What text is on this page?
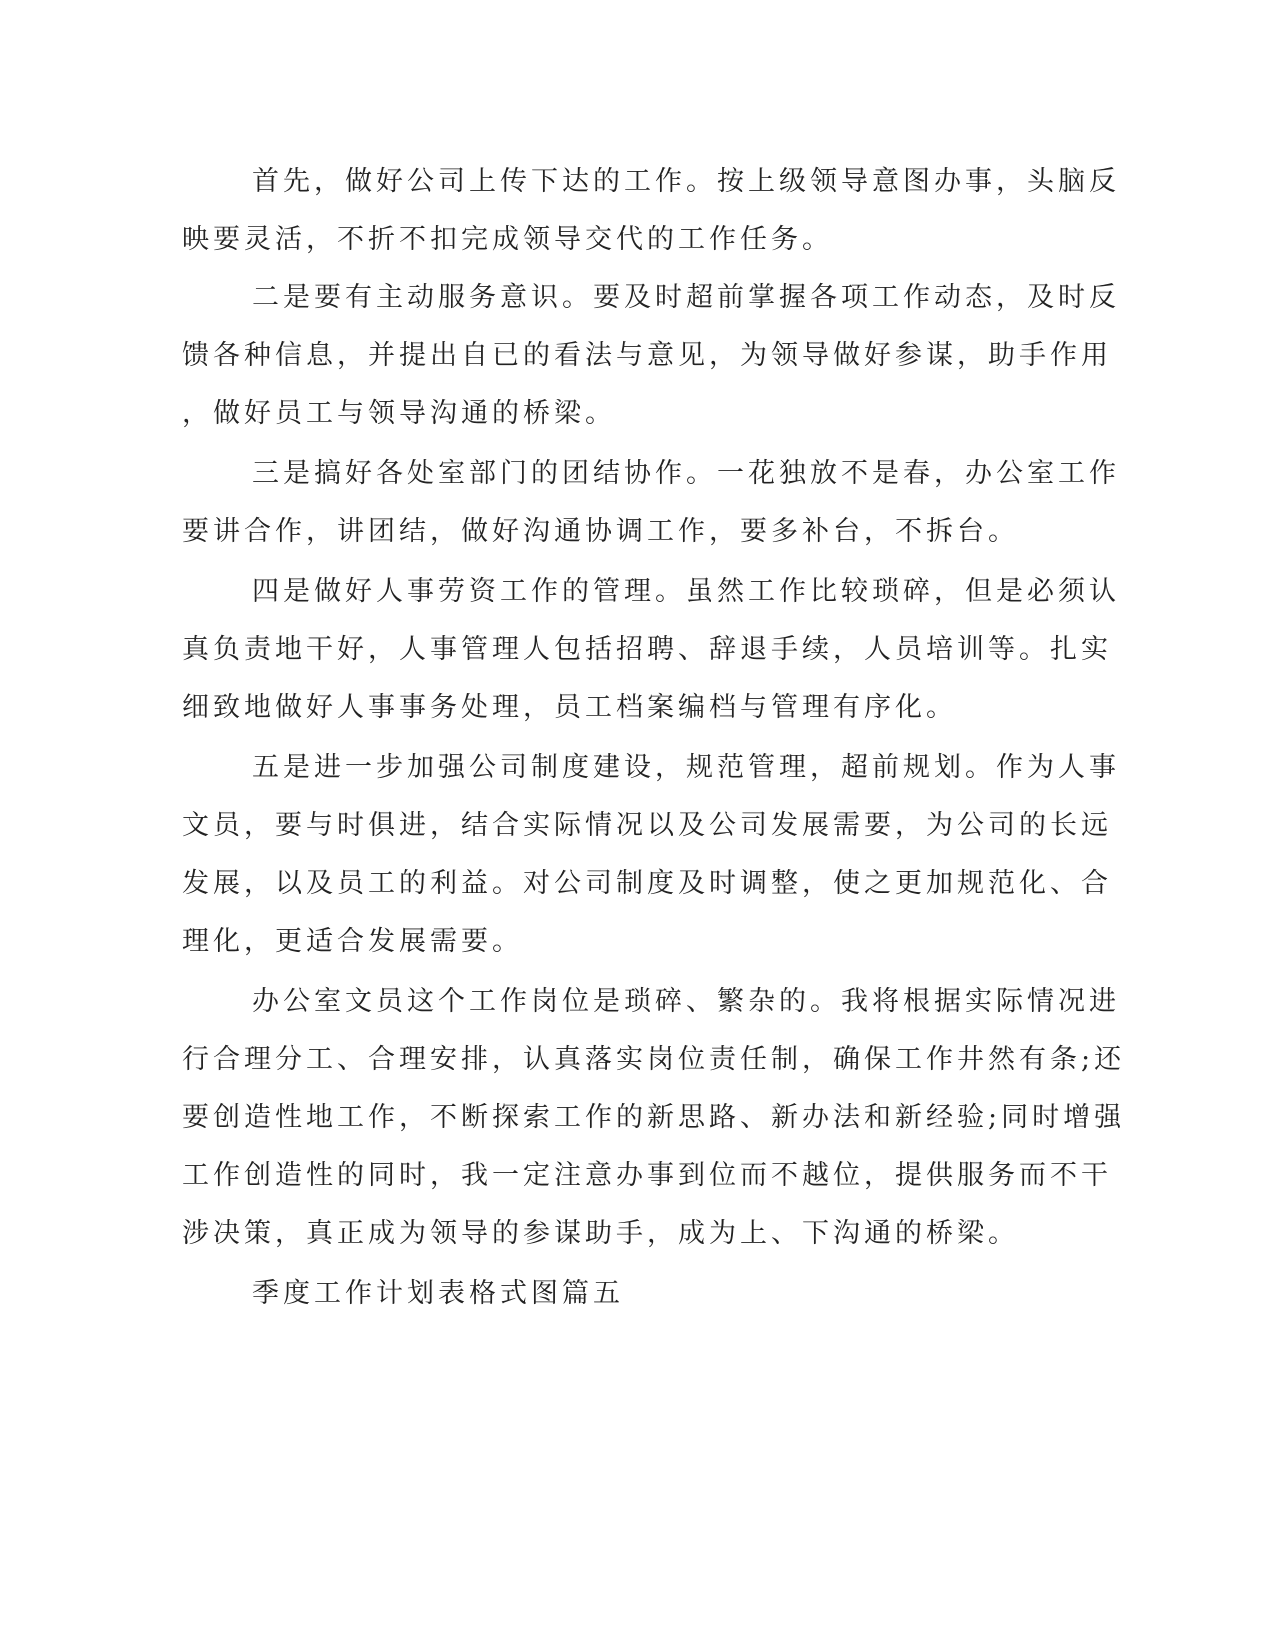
首先，做好公司上传下达的工作。按上级领导意图办事，头脑反
映要灵活，不折不扣完成领导交代的工作任务。
二是要有主动服务意识。要及时超前掌握各项工作动态，及时反
馈各种信息，并提出自已的看法与意见，为领导做好参谋，助手作用
，做好员工与领导沟通的桥梁。
三是搞好各处室部门的团结协作。一花独放不是春，办公室工作
要讲合作，讲团结，做好沟通协调工作，要多补台，不拆台。
四是做好人事劳资工作的管理。虽然工作比较琐碎，但是必须认
真负责地干好，人事管理人包括招聘、辞退手续，人员培训等。扎实
细致地做好人事事务处理，员工档案编档与管理有序化。
五是进一步加强公司制度建设，规范管理，超前规划。作为人事
文员，要与时俱进，结合实际情况以及公司发展需要，为公司的长远
发展，以及员工的利益。对公司制度及时调整，使之更加规范化、合
理化，更适合发展需要。
办公室文员这个工作岗位是琐碎、繁杂的。我将根据实际情况进
行合理分工、合理安排，认真落实岗位责任制，确保工作井然有条;还
要创造性地工作，不断探索工作的新思路、新办法和新经验;同时增强
工作创造性的同时，我一定注意办事到位而不越位，提供服务而不干
涉决策，真正成为领导的参谋助手，成为上、下沟通的桥梁。
季度工作计划表格式图篇五
